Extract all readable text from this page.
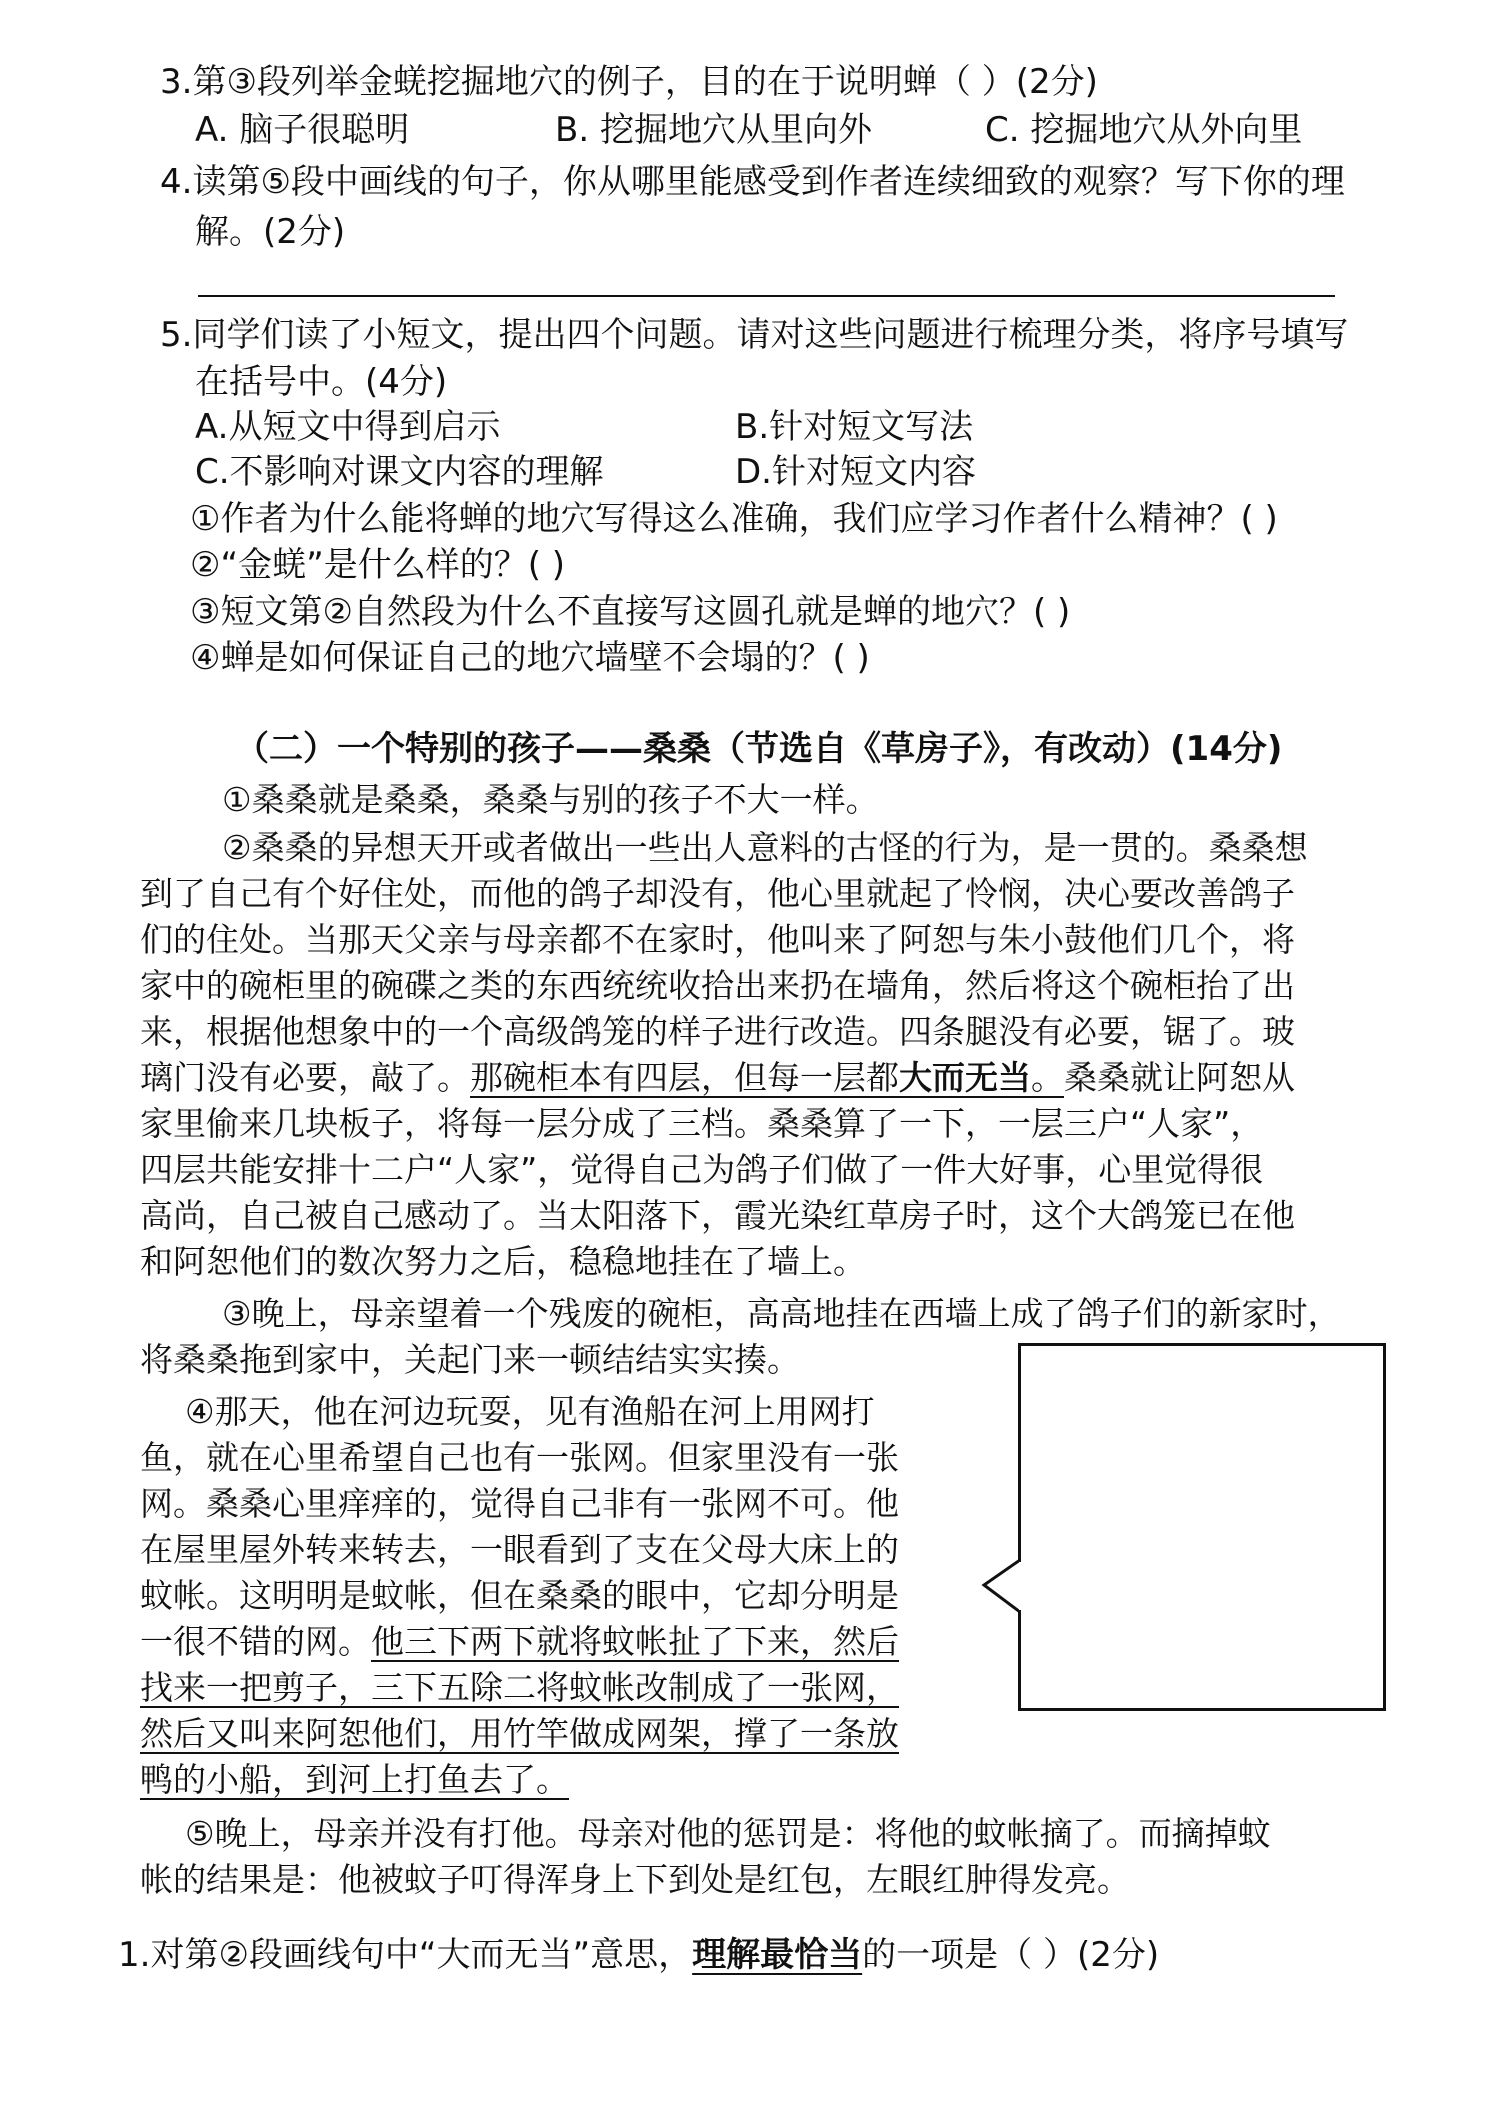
3.第③段列举金蜣挖掘地穴的例子，目的在于说明蝉（ ）(2分)
A. 脑子很聪明	B. 挖掘地穴从里向外	C. 挖掘地穴从外向里
4.读第⑤段中画线的句子，你从哪里能感受到作者连续细致的观察？写下你的理
解。(2分)
5.同学们读了小短文，提出四个问题。请对这些问题进行梳理分类，将序号填写
在括号中。(4分)
A.从短文中得到启示	B.针对短文写法
C.不影响对课文内容的理解	D.针对短文内容
①作者为什么能将蝉的地穴写得这么准确，我们应学习作者什么精神？( )
②“金蜣”是什么样的？( )
③短文第②自然段为什么不直接写这圆孔就是蝉的地穴？( )
④蝉是如何保证自己的地穴墙壁不会塌的？( )
（二）一个特别的孩子——桑桑（节选自《草房子》，有改动）(14分)
①桑桑就是桑桑，桑桑与别的孩子不大一样。
②桑桑的异想天开或者做出一些出人意料的古怪的行为，是一贯的。桑桑想
到了自己有个好住处，而他的鸽子却没有，他心里就起了怜悯，决心要改善鸽子
们的住处。当那天父亲与母亲都不在家时，他叫来了阿恕与朱小鼓他们几个，将
家中的碗柜里的碗碟之类的东西统统收拾出来扔在墙角，然后将这个碗柜抬了出
来，根据他想象中的一个高级鸽笼的样子进行改造。四条腿没有必要，锯了。玻
璃门没有必要，敲了。那碗柜本有四层，但每一层都大而无当。桑桑就让阿恕从
家里偷来几块板子，将每一层分成了三档。桑桑算了一下，一层三户“人家”，
四层共能安排十二户“人家”，觉得自己为鸽子们做了一件大好事，心里觉得很
高尚，自己被自己感动了。当太阳落下，霞光染红草房子时，这个大鸽笼已在他
和阿恕他们的数次努力之后，稳稳地挂在了墙上。
③晚上，母亲望着一个残废的碗柜，高高地挂在西墙上成了鸽子们的新家时，
将桑桑拖到家中，关起门来一顿结结实实揍。
④那天，他在河边玩耍，见有渔船在河上用网打
鱼，就在心里希望自己也有一张网。但家里没有一张
网。桑桑心里痒痒的，觉得自己非有一张网不可。他
在屋里屋外转来转去，一眼看到了支在父母大床上的
蚊帐。这明明是蚊帐，但在桑桑的眼中，它却分明是
一很不错的网。他三下两下就将蚊帐扯了下来，然后
找来一把剪子，三下五除二将蚊帐改制成了一张网，
然后又叫来阿恕他们，用竹竿做成网架，撑了一条放
鸭的小船，到河上打鱼去了。
⑤晚上，母亲并没有打他。母亲对他的惩罚是：将他的蚊帐摘了。而摘掉蚊
帐的结果是：他被蚊子叮得浑身上下到处是红包，左眼红肿得发亮。
1.对第②段画线句中“大而无当”意思，理解最恰当的一项是（ ）(2分)
